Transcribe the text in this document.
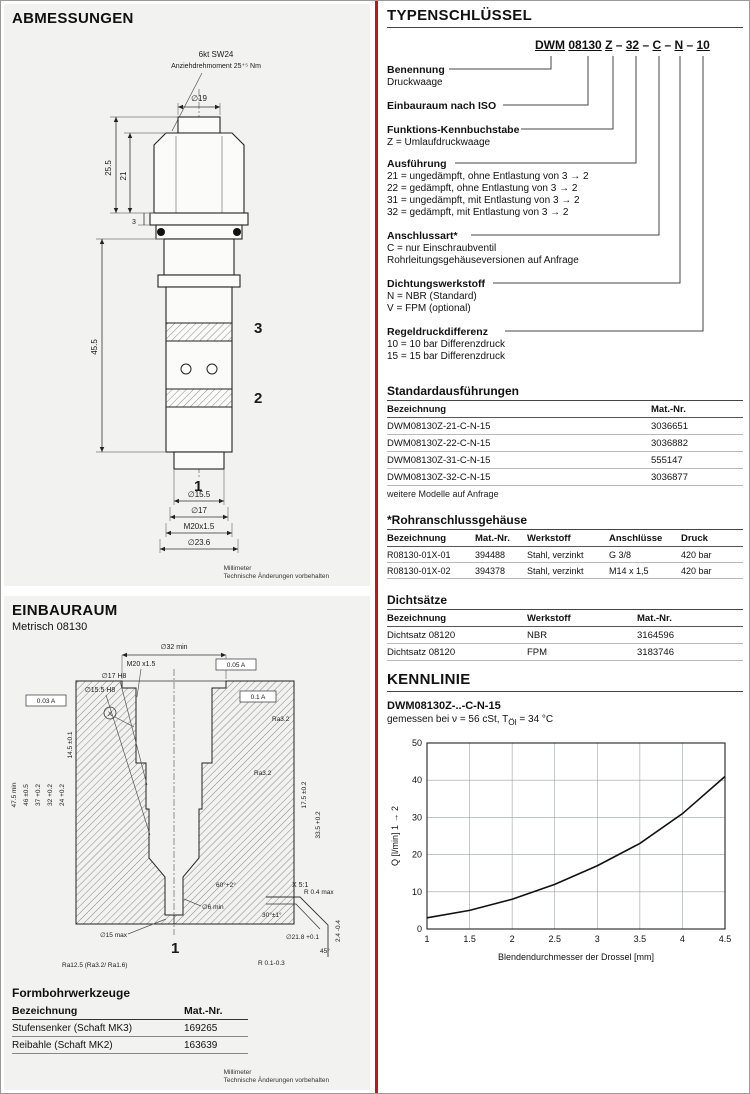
ABMESSUNGEN
6kt SW24
Anziehdrehmoment 25⁺⁵ Nm
∅19
3
2
1
25.5
21
3
45.5
∅15.5
∅17
M20x1.5
∅23.6
Millimeter
Technische Änderungen vorbehalten
EINBAURAUM
Metrisch 08130
∅32 min
M20 x1.5
∅17 H8
∅15.5 H8
0.05 A
0.03 A
0.1 A
Ra3.2
Ra3.2
X
17.5 ±0.2
33.5 +0.2
60°+2°
∅6 min
47.5 min 46 ±0.5 37 +0.2 32 +0.2 24 +0.2
14.5 ±0.1
∅15 max
1
Ra12.5 (Ra3.2/ Ra1.6)
X 5:1
R 0.4 max
30°±1°
∅21.8 +0.1
45°
R 0.1-0.3
2.4 -0.4
Formbohrwerkzeuge
Bezeichnung	Mat.-Nr.
Stufensenker (Schaft MK3)	169265
Reibahle (Schaft MK2)	163639
Millimeter
Technische Änderungen vorbehalten
TYPENSCHLÜSSEL
DWM 08130 Z – 32 – C – N – 10
Benennung
Druckwaage
Einbauraum nach ISO
Funktions-Kennbuchstabe
Z = Umlaufdruckwaage
Ausführung
21 = ungedämpft, ohne Entlastung von 3 → 2
22 = gedämpft, ohne Entlastung von 3 → 2
31 = ungedämpft, mit Entlastung von 3 → 2
32 = gedämpft, mit Entlastung von 3 → 2
Anschlussart*
C = nur Einschraubventil
Rohrleitungsgehäuseversionen auf Anfrage
Dichtungswerkstoff
N = NBR (Standard)
V = FPM (optional)
Regeldruckdifferenz
10 = 10 bar Differenzdruck
15 = 15 bar Differenzdruck
Standardausführungen
Bezeichnung	Mat.-Nr.
DWM08130Z-21-C-N-15	3036651
DWM08130Z-22-C-N-15	3036882
DWM08130Z-31-C-N-15	555147
DWM08130Z-32-C-N-15	3036877
weitere Modelle auf Anfrage
*Rohranschlussgehäuse
Bezeichnung	Mat.-Nr.	Werkstoff	Anschlüsse	Druck
R08130-01X-01	394488	Stahl, verzinkt	G 3/8	420 bar
R08130-01X-02	394378	Stahl, verzinkt	M14 x 1,5	420 bar
Dichtsätze
Bezeichnung	Werkstoff	Mat.-Nr.
Dichtsatz 08120	NBR	3164596
Dichtsatz 08120	FPM	3183746
KENNLINIE
DWM08130Z-..-C-N-15
gemessen bei ν = 56 cSt, $T_{Öl} = 34$ °C
1	1.5	2	2.5	3	3.5	4	4.5
0
10
20
30
40
50
Blendendurchmesser der Drossel [mm]
Q [l/min] 1 → 2
